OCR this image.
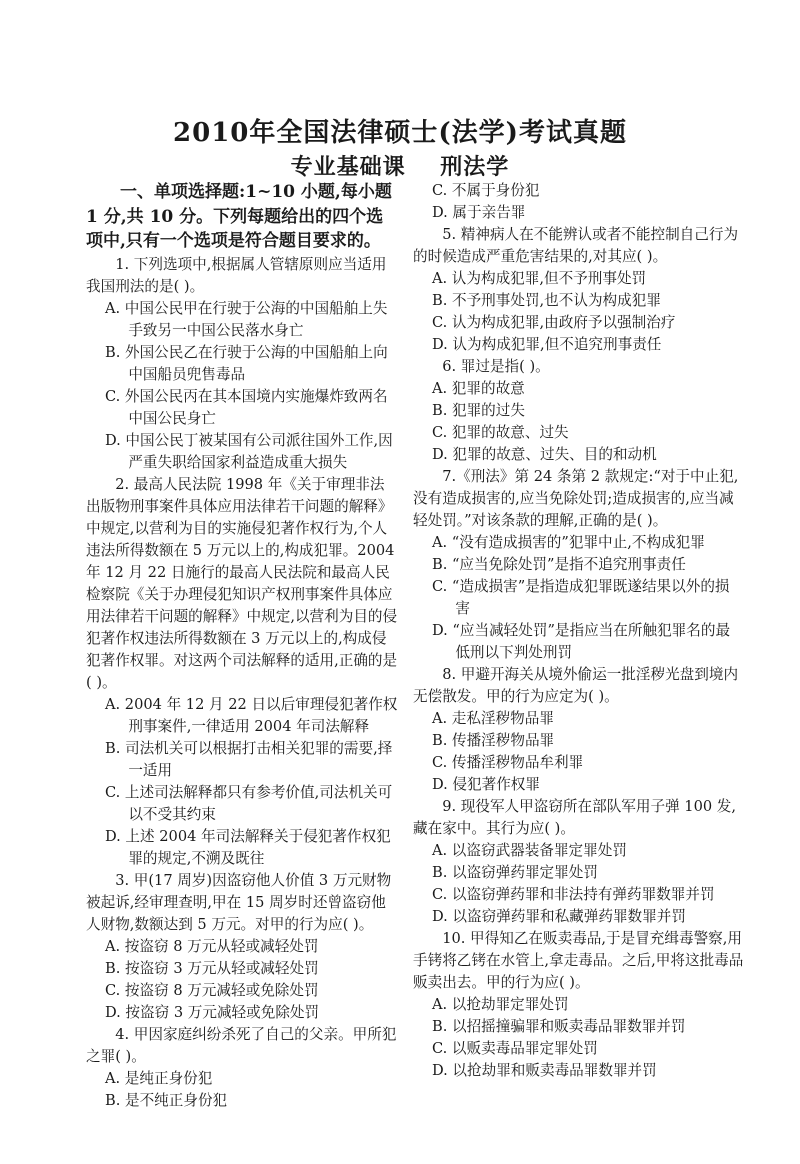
2010年全国法律硕士(法学)考试真题
专业基础课    刑法学

一、单项选择题:1~10 小题,每小题 1 分,共 10 分。下列每题给出的四个选项中,只有一个选项是符合题目要求的。

1. 下列选项中,根据属人管辖原则应当适用我国刑法的是( )。

A. 中国公民甲在行驶于公海的中国船舶上失手致另一中国公民落水身亡

B. 外国公民乙在行驶于公海的中国船舶上向中国船员兜售毒品

C. 外国公民丙在其本国境内实施爆炸致两名中国公民身亡

D. 中国公民丁被某国有公司派往国外工作,因严重失职给国家利益造成重大损失

2. 最高人民法院 1998 年《关于审理非法出版物刑事案件具体应用法律若干问题的解释》中规定,以营利为目的实施侵犯著作权行为,个人违法所得数额在 5 万元以上的,构成犯罪。2004 年 12 月 22 日施行的最高人民法院和最高人民检察院《关于办理侵犯知识产权刑事案件具体应用法律若干问题的解释》中规定,以营利为目的侵犯著作权违法所得数额在 3 万元以上的,构成侵犯著作权罪。对这两个司法解释的适用,正确的是( )。

A. 2004 年 12 月 22 日以后审理侵犯著作权刑事案件,一律适用 2004 年司法解释

B. 司法机关可以根据打击相关犯罪的需要,择一适用

C. 上述司法解释都只有参考价值,司法机关可以不受其约束

D. 上述 2004 年司法解释关于侵犯著作权犯罪的规定,不溯及既往

3. 甲(17 周岁)因盗窃他人价值 3 万元财物被起诉,经审理查明,甲在 15 周岁时还曾盗窃他人财物,数额达到 5 万元。对甲的行为应( )。

A. 按盗窃 8 万元从轻或减轻处罚

B. 按盗窃 3 万元从轻或减轻处罚

C. 按盗窃 8 万元减轻或免除处罚

D. 按盗窃 3 万元减轻或免除处罚

4. 甲因家庭纠纷杀死了自己的父亲。甲所犯之罪( )。

A. 是纯正身份犯

B. 是不纯正身份犯

C. 不属于身份犯

D. 属于亲告罪

5. 精神病人在不能辨认或者不能控制自己行为的时候造成严重危害结果的,对其应( )。

A. 认为构成犯罪,但不予刑事处罚

B. 不予刑事处罚,也不认为构成犯罪

C. 认为构成犯罪,由政府予以强制治疗

D. 认为构成犯罪,但不追究刑事责任

6. 罪过是指( )。

A. 犯罪的故意

B. 犯罪的过失

C. 犯罪的故意、过失

D. 犯罪的故意、过失、目的和动机

7.《刑法》第 24 条第 2 款规定:“对于中止犯,没有造成损害的,应当免除处罚;造成损害的,应当减轻处罚。”对该条款的理解,正确的是( )。

A. “没有造成损害的”犯罪中止,不构成犯罪

B. “应当免除处罚”是指不追究刑事责任

C. “造成损害”是指造成犯罪既遂结果以外的损害

D. “应当减轻处罚”是指应当在所触犯罪名的最低刑以下判处刑罚

8. 甲避开海关从境外偷运一批淫秽光盘到境内无偿散发。甲的行为应定为( )。

A. 走私淫秽物品罪

B. 传播淫秽物品罪

C. 传播淫秽物品牟利罪

D. 侵犯著作权罪

9. 现役军人甲盗窃所在部队军用子弹 100 发,藏在家中。其行为应( )。

A. 以盗窃武器装备罪定罪处罚

B. 以盗窃弹药罪定罪处罚

C. 以盗窃弹药罪和非法持有弹药罪数罪并罚

D. 以盗窃弹药罪和私藏弹药罪数罪并罚

10. 甲得知乙在贩卖毒品,于是冒充缉毒警察,用手铐将乙铐在水管上,拿走毒品。之后,甲将这批毒品贩卖出去。甲的行为应( )。

A. 以抢劫罪定罪处罚

B. 以招摇撞骗罪和贩卖毒品罪数罪并罚

C. 以贩卖毒品罪定罪处罚

D. 以抢劫罪和贩卖毒品罪数罪并罚
